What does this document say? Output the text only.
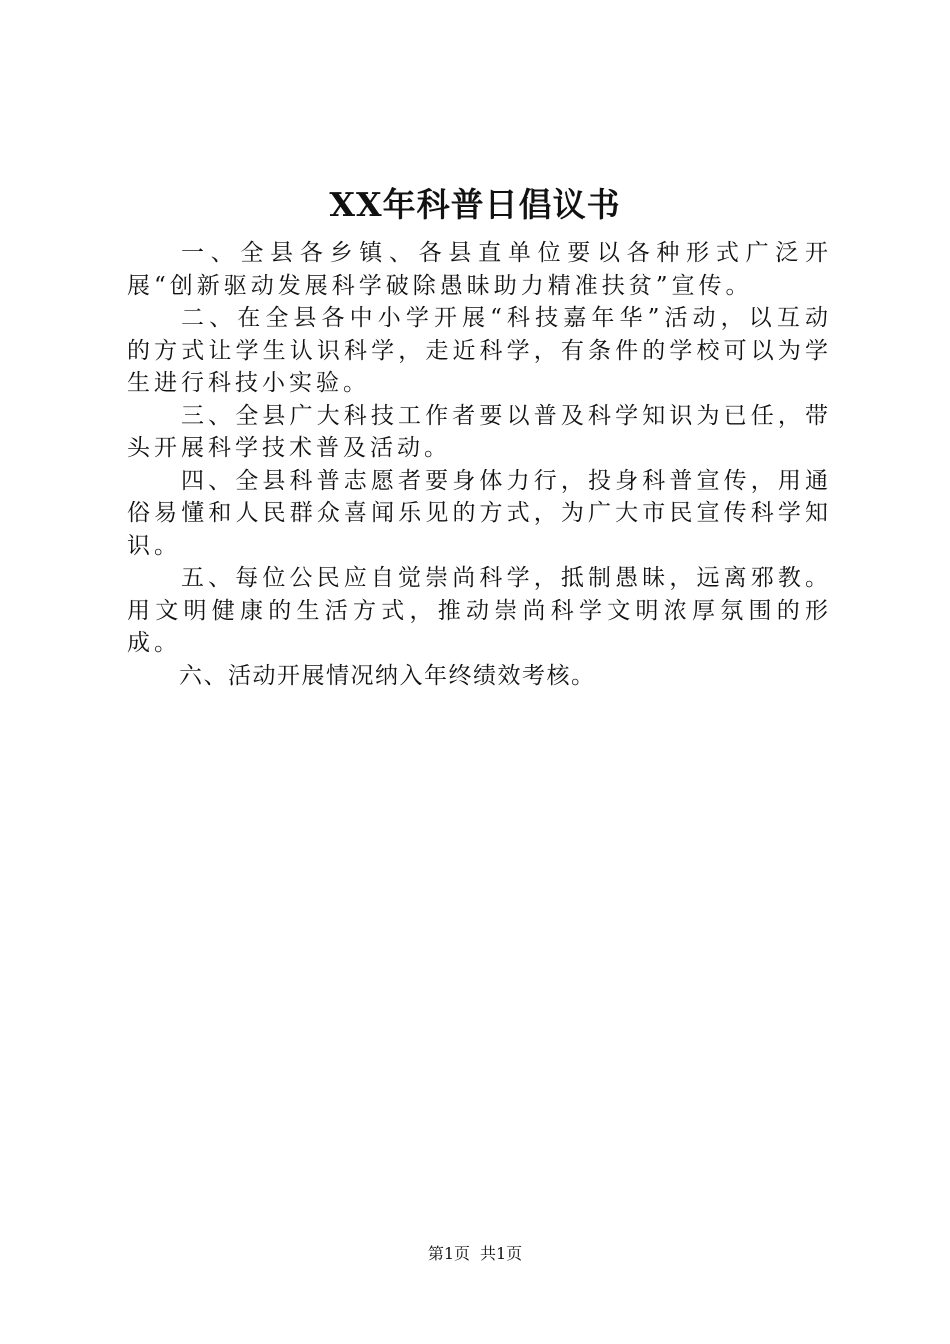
XX年科普日倡议书

一、全县各乡镇、各县直单位要以各种形式广泛开展“创新驱动发展科学破除愚昧助力精准扶贫”宣传。

二、在全县各中小学开展“科技嘉年华”活动，以互动的方式让学生认识科学，走近科学，有条件的学校可以为学生进行科技小实验。

三、全县广大科技工作者要以普及科学知识为已任，带头开展科学技术普及活动。

四、全县科普志愿者要身体力行，投身科普宣传，用通俗易懂和人民群众喜闻乐见的方式，为广大市民宣传科学知识。

五、每位公民应自觉崇尚科学，抵制愚昧，远离邪教。用文明健康的生活方式，推动崇尚科学文明浓厚氛围的形成。

六、活动开展情况纳入年终绩效考核。

第1页 共1页
